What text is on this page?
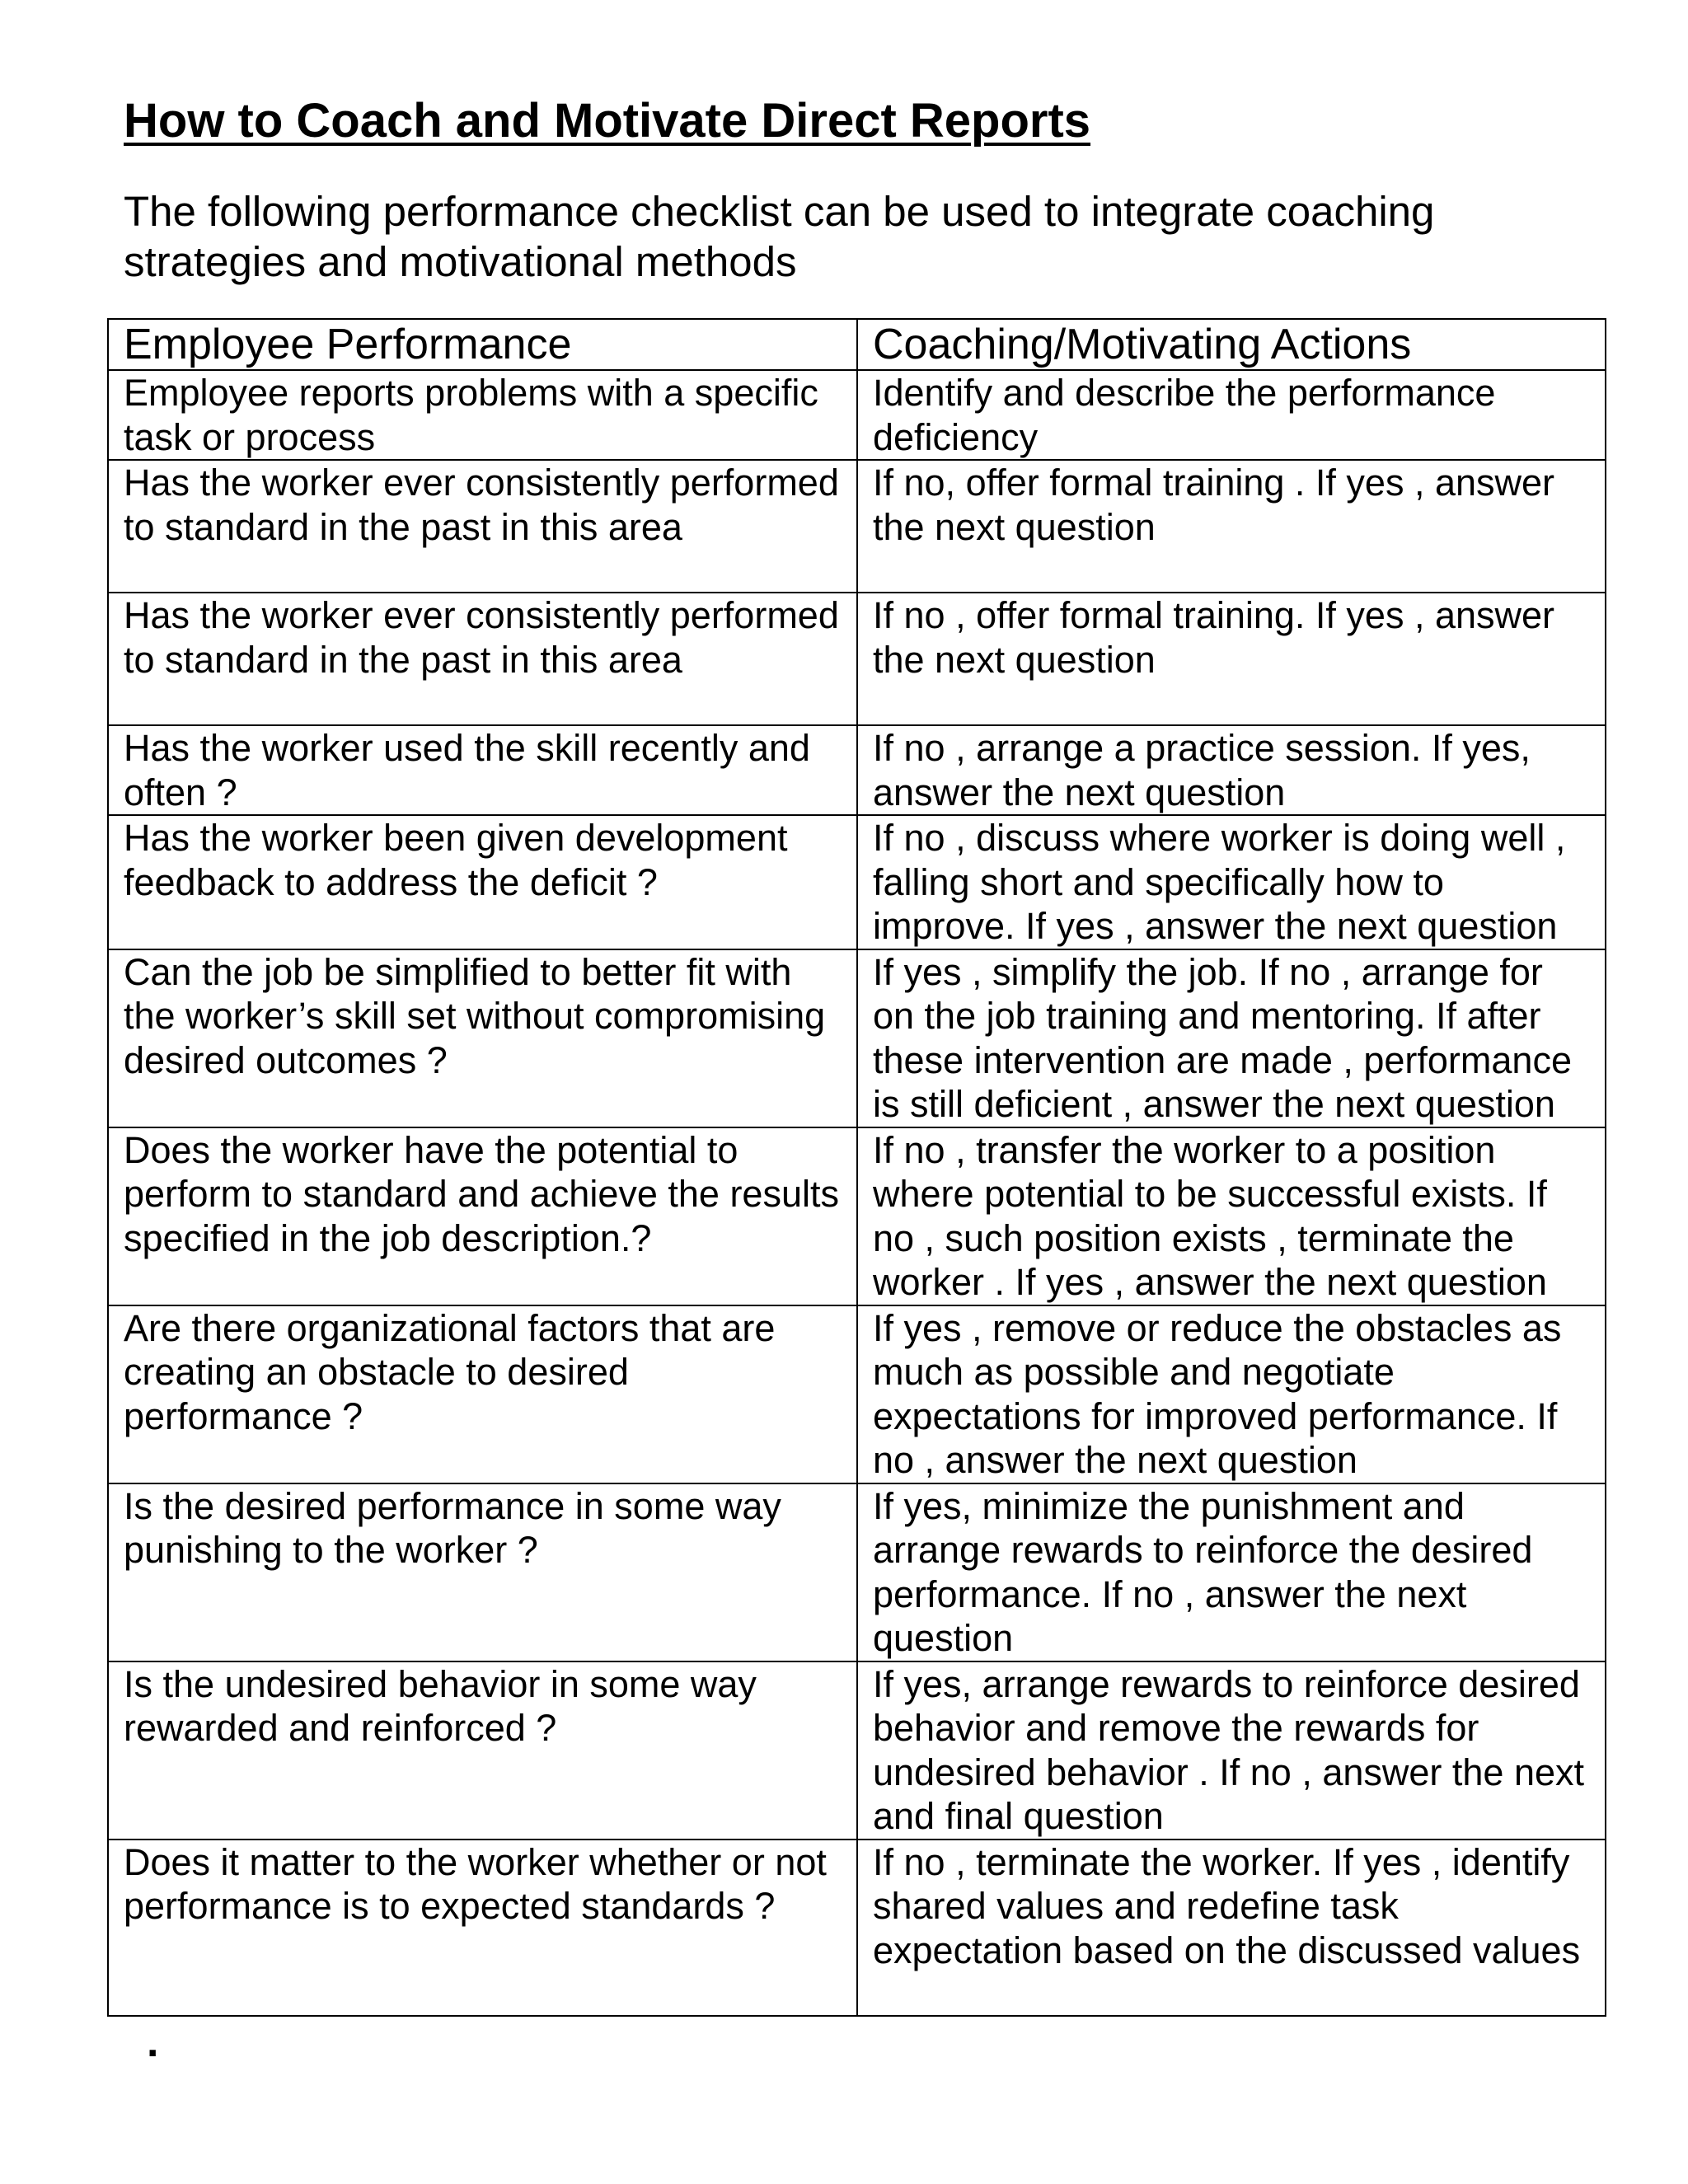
How to Coach and Motivate Direct Reports

The following performance checklist can be used to integrate coaching strategies and motivational methods

Employee Performance	Coaching/Motivating Actions
Employee reports problems with a specific task or process	Identify and describe the performance deficiency
Has the worker ever consistently performed to standard in the past in this area	If no, offer formal training . If yes , answer the next question
Has the worker ever consistently performed to standard in the past in this area	If no , offer formal training. If yes , answer the next question
Has the worker used the skill recently and often ?	If no , arrange a practice session. If yes, answer the next question
Has the worker been given development feedback to address the deficit ?	If no , discuss where worker is doing well , falling short and specifically how to improve. If yes , answer the next question
Can the job be simplified to better fit with the worker’s skill set without compromising desired outcomes ?	If yes , simplify the job. If no , arrange for on the job training and mentoring. If after these intervention are made , performance is still deficient , answer the next question
Does the worker have the potential to perform to standard and achieve the results specified in the job description.?	If no , transfer the worker to a position where potential to be successful exists. If no , such position exists , terminate the worker . If yes , answer the next question
Are there organizational factors that are creating an obstacle to desired performance ?	If yes , remove or reduce the obstacles as much as possible and negotiate expectations for improved performance. If no , answer the next question
Is the desired performance in some way punishing to the worker ?	If yes, minimize the punishment and arrange rewards to reinforce the desired performance. If no , answer the next question
Is the undesired behavior in some way rewarded and reinforced ?	If yes, arrange rewards to reinforce desired behavior and remove the rewards for undesired behavior . If no , answer the next and final question
Does it matter to the worker whether or not performance is to expected standards ?	If no , terminate the worker. If yes , identify shared values and redefine task expectation based on the discussed values
.
